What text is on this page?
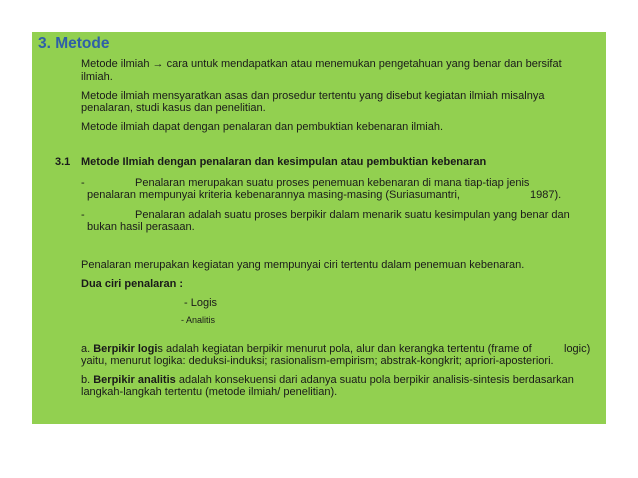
3. Metode
Metode ilmiah → cara untuk mendapatkan atau menemukan pengetahuan yang benar dan bersifat
ilmiah.
Metode ilmiah mensyaratkan asas dan prosedur tertentu yang disebut kegiatan ilmiah misalnya
penalaran, studi kasus dan penelitian.
Metode ilmiah dapat dengan penalaran dan pembuktian kebenaran ilmiah.
3.1 Metode Ilmiah dengan penalaran dan kesimpulan atau pembuktian kebenaran
-	Penalaran merupakan suatu proses penemuan kebenaran di mana tiap-tiap jenis
penalaran mempunyai kriteria kebenarannya masing-masing (Suriasumantri,	1987).
-	Penalaran adalah suatu proses berpikir dalam menarik suatu kesimpulan yang benar dan
bukan hasil perasaan.
Penalaran merupakan kegiatan yang mempunyai ciri tertentu dalam penemuan kebenaran.
Dua ciri penalaran :
- Logis
- Analitis
a. Berpikir logis adalah kegiatan berpikir menurut pola, alur dan kerangka tertentu (frame of	logic)
yaitu, menurut logika: deduksi-induksi; rasionalism-empirism; abstrak-kongkrit; apriori-aposteriori.
b. Berpikir analitis adalah konsekuensi dari adanya suatu pola berpikir analisis-sintesis berdasarkan
langkah-langkah tertentu (metode ilmiah/ penelitian).
